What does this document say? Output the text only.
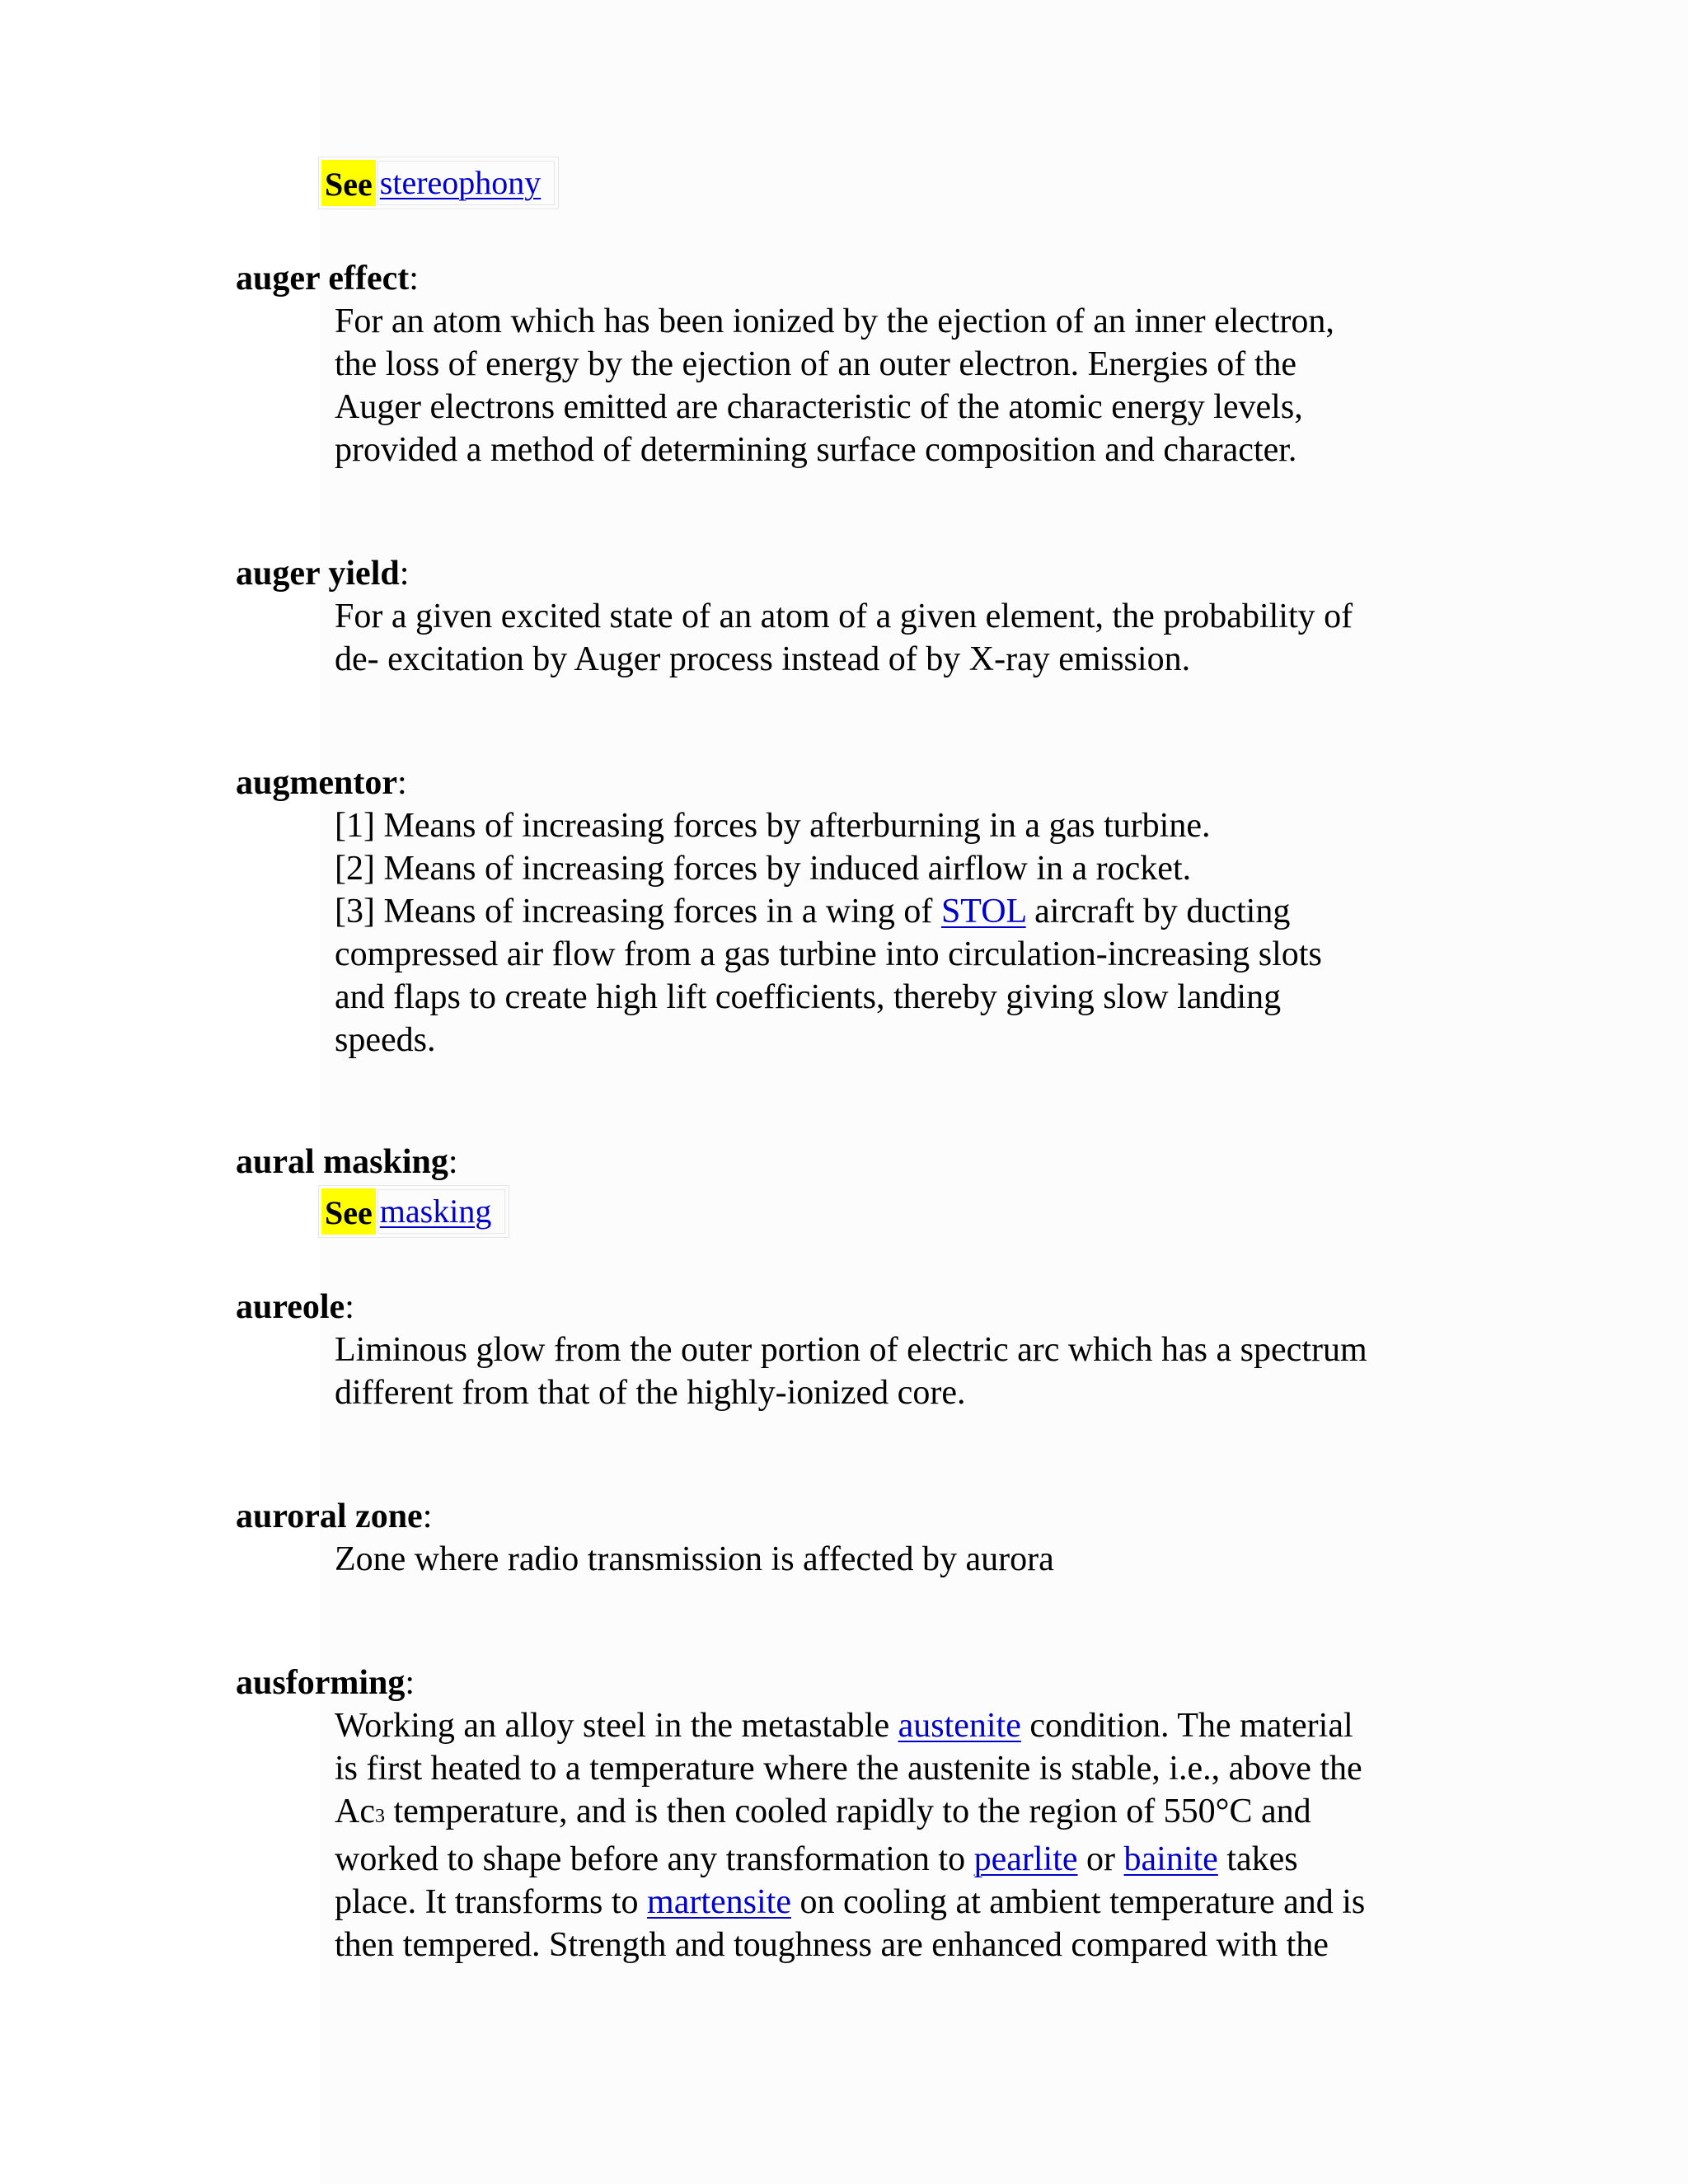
See stereophony
auger effect:

For an atom which has been ionized by the ejection of an inner electron,

the loss of energy by the ejection of an outer electron. Energies of the

Auger electrons emitted are characteristic of the atomic energy levels,

provided a method of determining surface composition and character.

auger yield:

For a given excited state of an atom of a given element, the probability of

de- excitation by Auger process instead of by X-ray emission.

augmentor:

[1] Means of increasing forces by afterburning in a gas turbine.

[2] Means of increasing forces by induced airflow in a rocket.

[3] Means of increasing forces in a wing of STOL aircraft by ducting

compressed air flow from a gas turbine into circulation-increasing slots

and flaps to create high lift coefficients, thereby giving slow landing

speeds.

aural masking:
See masking
aureole:

Liminous glow from the outer portion of electric arc which has a spectrum

different from that of the highly-ionized core.

auroral zone:

Zone where radio transmission is affected by aurora

ausforming:

Working an alloy steel in the metastable austenite condition. The material

is first heated to a temperature where the austenite is stable, i.e., above the

Ac3 temperature, and is then cooled rapidly to the region of 550°C and

worked to shape before any transformation to pearlite or bainite takes

place. It transforms to martensite on cooling at ambient temperature and is

then tempered. Strength and toughness are enhanced compared with the
